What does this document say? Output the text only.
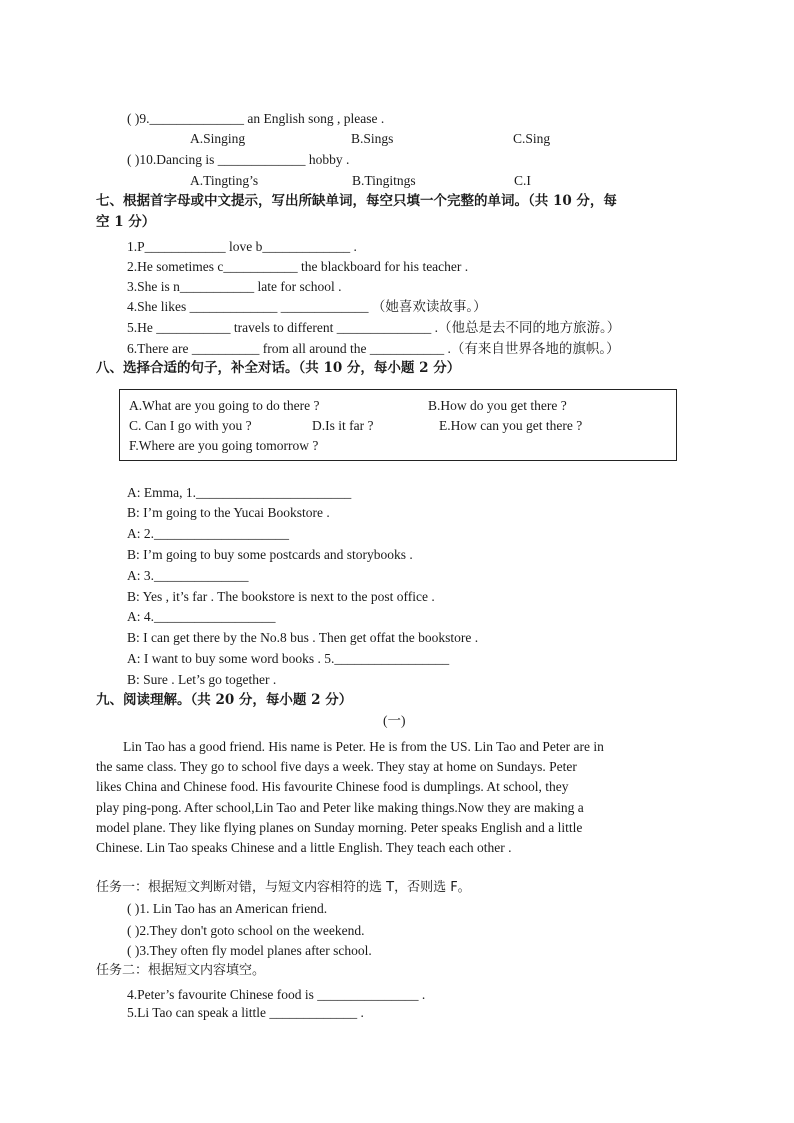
( )9.______________ an English song , please .
A.Singing	B.Sings	C.Sing
( )10.Dancing is _____________ hobby .
A.Tingting’s	B.Tingitngs	C.I
七、根据首字母或中文提示，写出所缺单词，每空只填一个完整的单词。（共 10 分，每
空 1 分）
1.P____________ love b_____________ .
2.He sometimes c___________ the blackboard for his teacher .
3.She is n___________ late for school .
4.She likes _____________ _____________ （她喜欢读故事。）
5.He ___________ travels to different ______________ .（他总是去不同的地方旅游。）
6.There are __________ from all around the ___________ .（有来自世界各地的旗帜。）
八、选择合适的句子，补全对话。（共 10 分，每小题 2 分）
A.What are you going to do there ?	B.How do you get there ?
C. Can I go with you ?	D.Is it far ?	E.How can you get there ?
F.Where are you going tomorrow ?
A: Emma, 1._______________________
B: I’m going to the Yucai Bookstore .
A: 2.____________________
B: I’m going to buy some postcards and storybooks .
A: 3.______________
B: Yes , it’s far . The bookstore is next to the post office .
A: 4.__________________
B: I can get there by the No.8 bus . Then get offat the bookstore .
A: I want to buy some word books . 5._________________
B: Sure . Let’s go together .
九、阅读理解。（共 20 分，每小题 2 分）
(一)
Lin Tao has a good friend. His name is Peter. He is from the US. Lin Tao and Peter are in
the same class. They go to school five days a week. They stay at home on Sundays. Peter
likes China and Chinese food. His favourite Chinese food is dumplings. At school, they
play ping-pong. After school,Lin Tao and Peter like making things.Now they are making a
model plane. They like flying planes on Sunday morning. Peter speaks English and a little
Chinese. Lin Tao speaks Chinese and a little English. They teach each other .
任务一：根据短文判断对错，与短文内容相符的选 T，否则选 F。
( )1. Lin Tao has an American friend.
( )2.They don't goto school on the weekend.
( )3.They often fly model planes after school.
任务二：根据短文内容填空。
4.Peter’s favourite Chinese food is _______________ .
5.Li Tao can speak a little _____________ .
